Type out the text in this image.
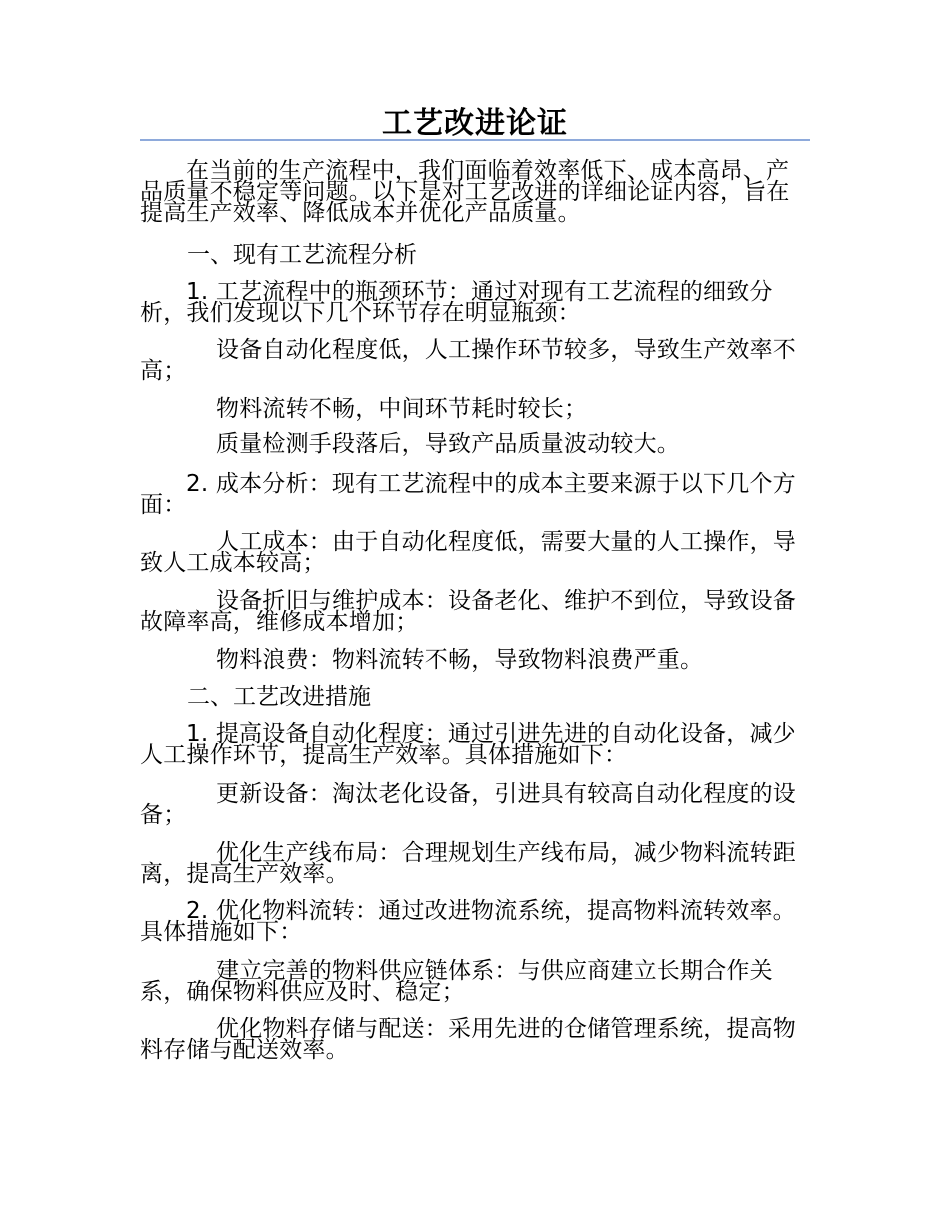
工艺改进论证

在当前的生产流程中，我们面临着效率低下、成本高昂、产品质量不稳定等问题。以下是对工艺改进的详细论证内容，旨在提高生产效率、降低成本并优化产品质量。

一、现有工艺流程分析

1. 工艺流程中的瓶颈环节：通过对现有工艺流程的细致分析，我们发现以下几个环节存在明显瓶颈：

设备自动化程度低，人工操作环节较多，导致生产效率不高；

物料流转不畅，中间环节耗时较长；

质量检测手段落后，导致产品质量波动较大。

2. 成本分析：现有工艺流程中的成本主要来源于以下几个方面：

人工成本：由于自动化程度低，需要大量的人工操作，导致人工成本较高；

设备折旧与维护成本：设备老化、维护不到位，导致设备故障率高，维修成本增加；

物料浪费：物料流转不畅，导致物料浪费严重。

二、工艺改进措施

1. 提高设备自动化程度：通过引进先进的自动化设备，减少人工操作环节，提高生产效率。具体措施如下：

更新设备：淘汰老化设备，引进具有较高自动化程度的设备；

优化生产线布局：合理规划生产线布局，减少物料流转距离，提高生产效率。

2. 优化物料流转：通过改进物流系统，提高物料流转效率。具体措施如下：

建立完善的物料供应链体系：与供应商建立长期合作关系，确保物料供应及时、稳定；

优化物料存储与配送：采用先进的仓储管理系统，提高物料存储与配送效率。
